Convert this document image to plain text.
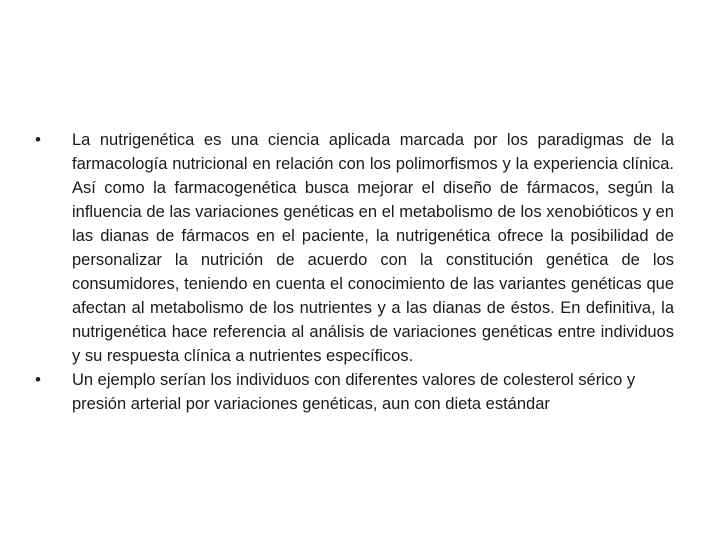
• La nutrigenética es una ciencia aplicada marcada por los paradigmas de la farmacología nutricional en relación con los polimorfismos y la experiencia clínica. Así como la farmacogenética busca mejorar el diseño de fármacos, según la influencia de las variaciones genéticas en el metabolismo de los xenobióticos y en las dianas de fármacos en el paciente, la nutrigenética ofrece la posibilidad de personalizar la nutrición de acuerdo con la constitución genética de los consumidores, teniendo en cuenta el conocimiento de las variantes genéticas que afectan al metabolismo de los nutrientes y a las dianas de éstos. En definitiva, la nutrigenética hace referencia al análisis de variaciones genéticas entre individuos y su respuesta clínica a nutrientes específicos.
• Un ejemplo serían los individuos con diferentes valores de colesterol sérico y presión arterial por variaciones genéticas, aun con dieta estándar
